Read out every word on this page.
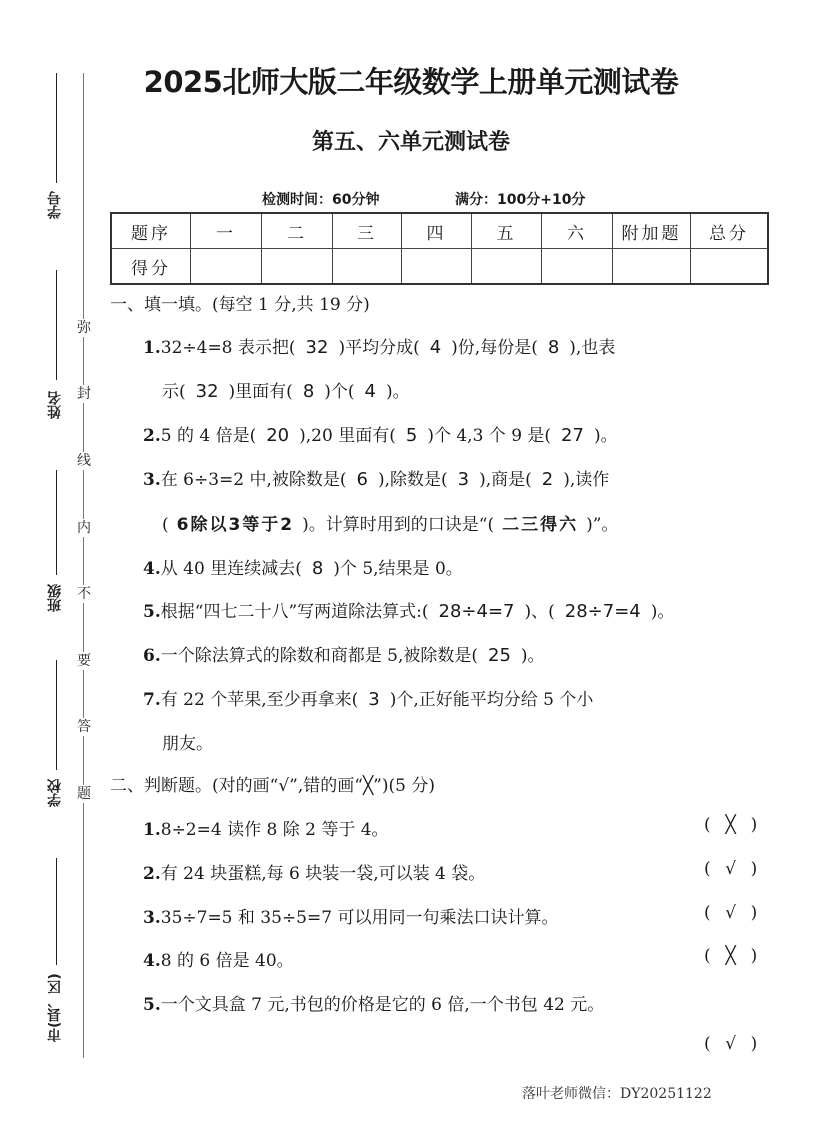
学号
姓名
班级
学校
市(县、区)
弥
封
线
内
不
要
答
题
2025北师大版二年级数学上册单元测试卷
第五、六单元测试卷
检测时间：60分钟	满分：100分+10分
题序	一	二	三	四	五	六	附加题	总分
得分								
一、填一填。(每空 1 分,共 19 分)
1.32÷4=8 表示把( 32 )平均分成( 4 )份,每份是( 8 ),也表
示( 32 )里面有( 8 )个( 4 )。
2.5 的 4 倍是( 20 ),20 里面有( 5 )个 4,3 个 9 是( 27 )。
3.在 6÷3=2 中,被除数是( 6 ),除数是( 3 ),商是( 2 ),读作
( 6除以3等于2 )。计算时用到的口诀是“( 二三得六 )”。
4.从 40 里连续减去( 8 )个 5,结果是 0。
5.根据“四七二十八”写两道除法算式:( 28÷4=7 )、( 28÷7=4 )。
6.一个除法算式的除数和商都是 5,被除数是( 25 )。
7.有 22 个苹果,至少再拿来( 3 )个,正好能平均分给 5 个小
朋友。
二、判断题。(对的画“√”,错的画“╳”)(5 分)
1.8÷2=4 读作 8 除 2 等于 4。	( ╳ )
2.有 24 块蛋糕,每 6 块装一袋,可以装 4 袋。	( √ )
3.35÷7=5 和 35÷5=7 可以用同一句乘法口诀计算。	( √ )
4.8 的 6 倍是 40。	( ╳ )
5.一个文具盒 7 元,书包的价格是它的 6 倍,一个书包 42 元。
( √ )
落叶老师微信：DY20251122
